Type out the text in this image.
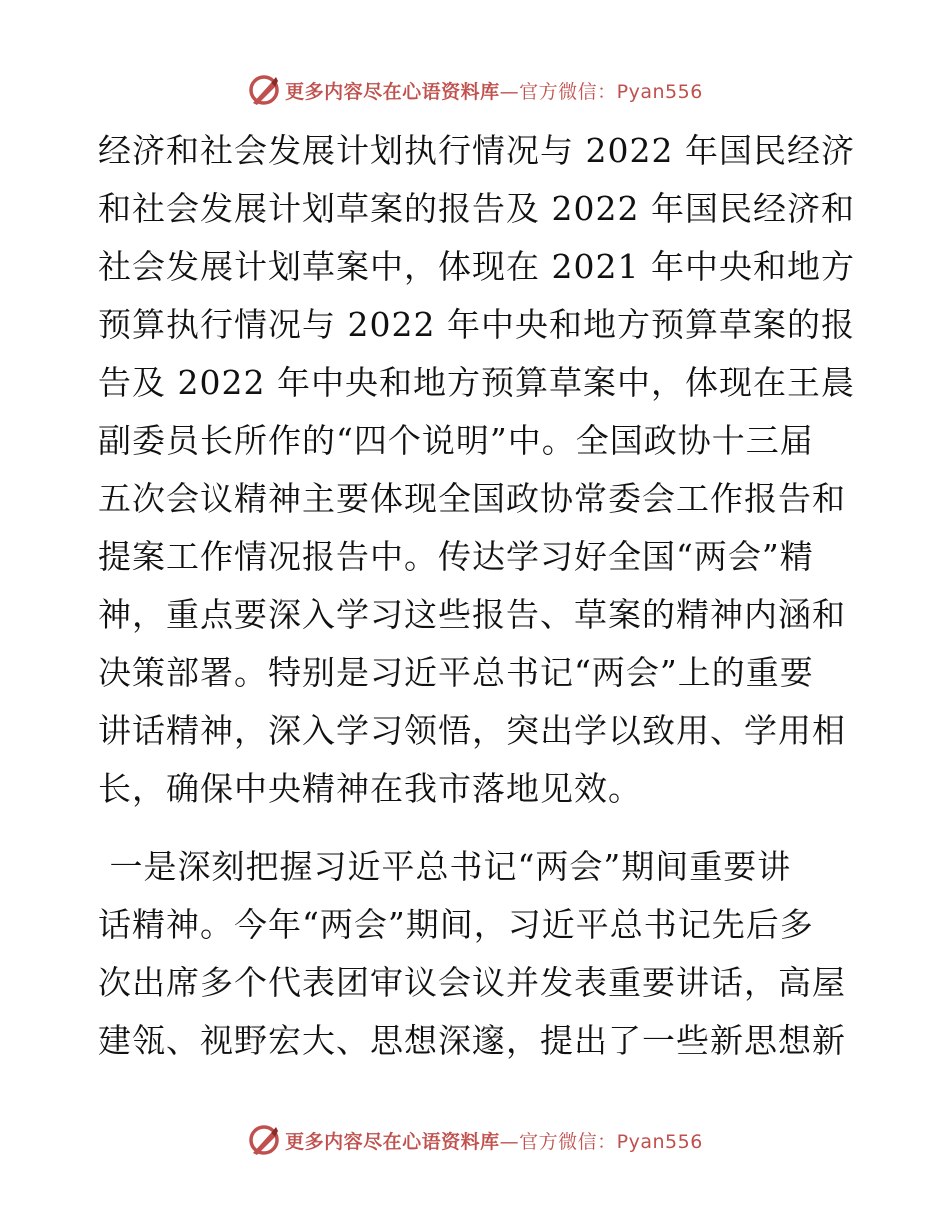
更多内容尽在心语资料库—官方微信：Pyan556
经济和社会发展计划执行情况与 2022 年国民经济
和社会发展计划草案的报告及 2022 年国民经济和
社会发展计划草案中，体现在 2021 年中央和地方
预算执行情况与 2022 年中央和地方预算草案的报
告及 2022 年中央和地方预算草案中，体现在王晨
副委员长所作的“四个说明”中。全国政协十三届
五次会议精神主要体现全国政协常委会工作报告和
提案工作情况报告中。传达学习好全国“两会”精
神，重点要深入学习这些报告、草案的精神内涵和
决策部署。特别是习近平总书记“两会”上的重要
讲话精神，深入学习领悟，突出学以致用、学用相
长，确保中央精神在我市落地见效。
一是深刻把握习近平总书记“两会”期间重要讲
话精神。今年“两会”期间，习近平总书记先后多
次出席多个代表团审议会议并发表重要讲话，高屋
建瓴、视野宏大、思想深邃，提出了一些新思想新
更多内容尽在心语资料库—官方微信：Pyan556
